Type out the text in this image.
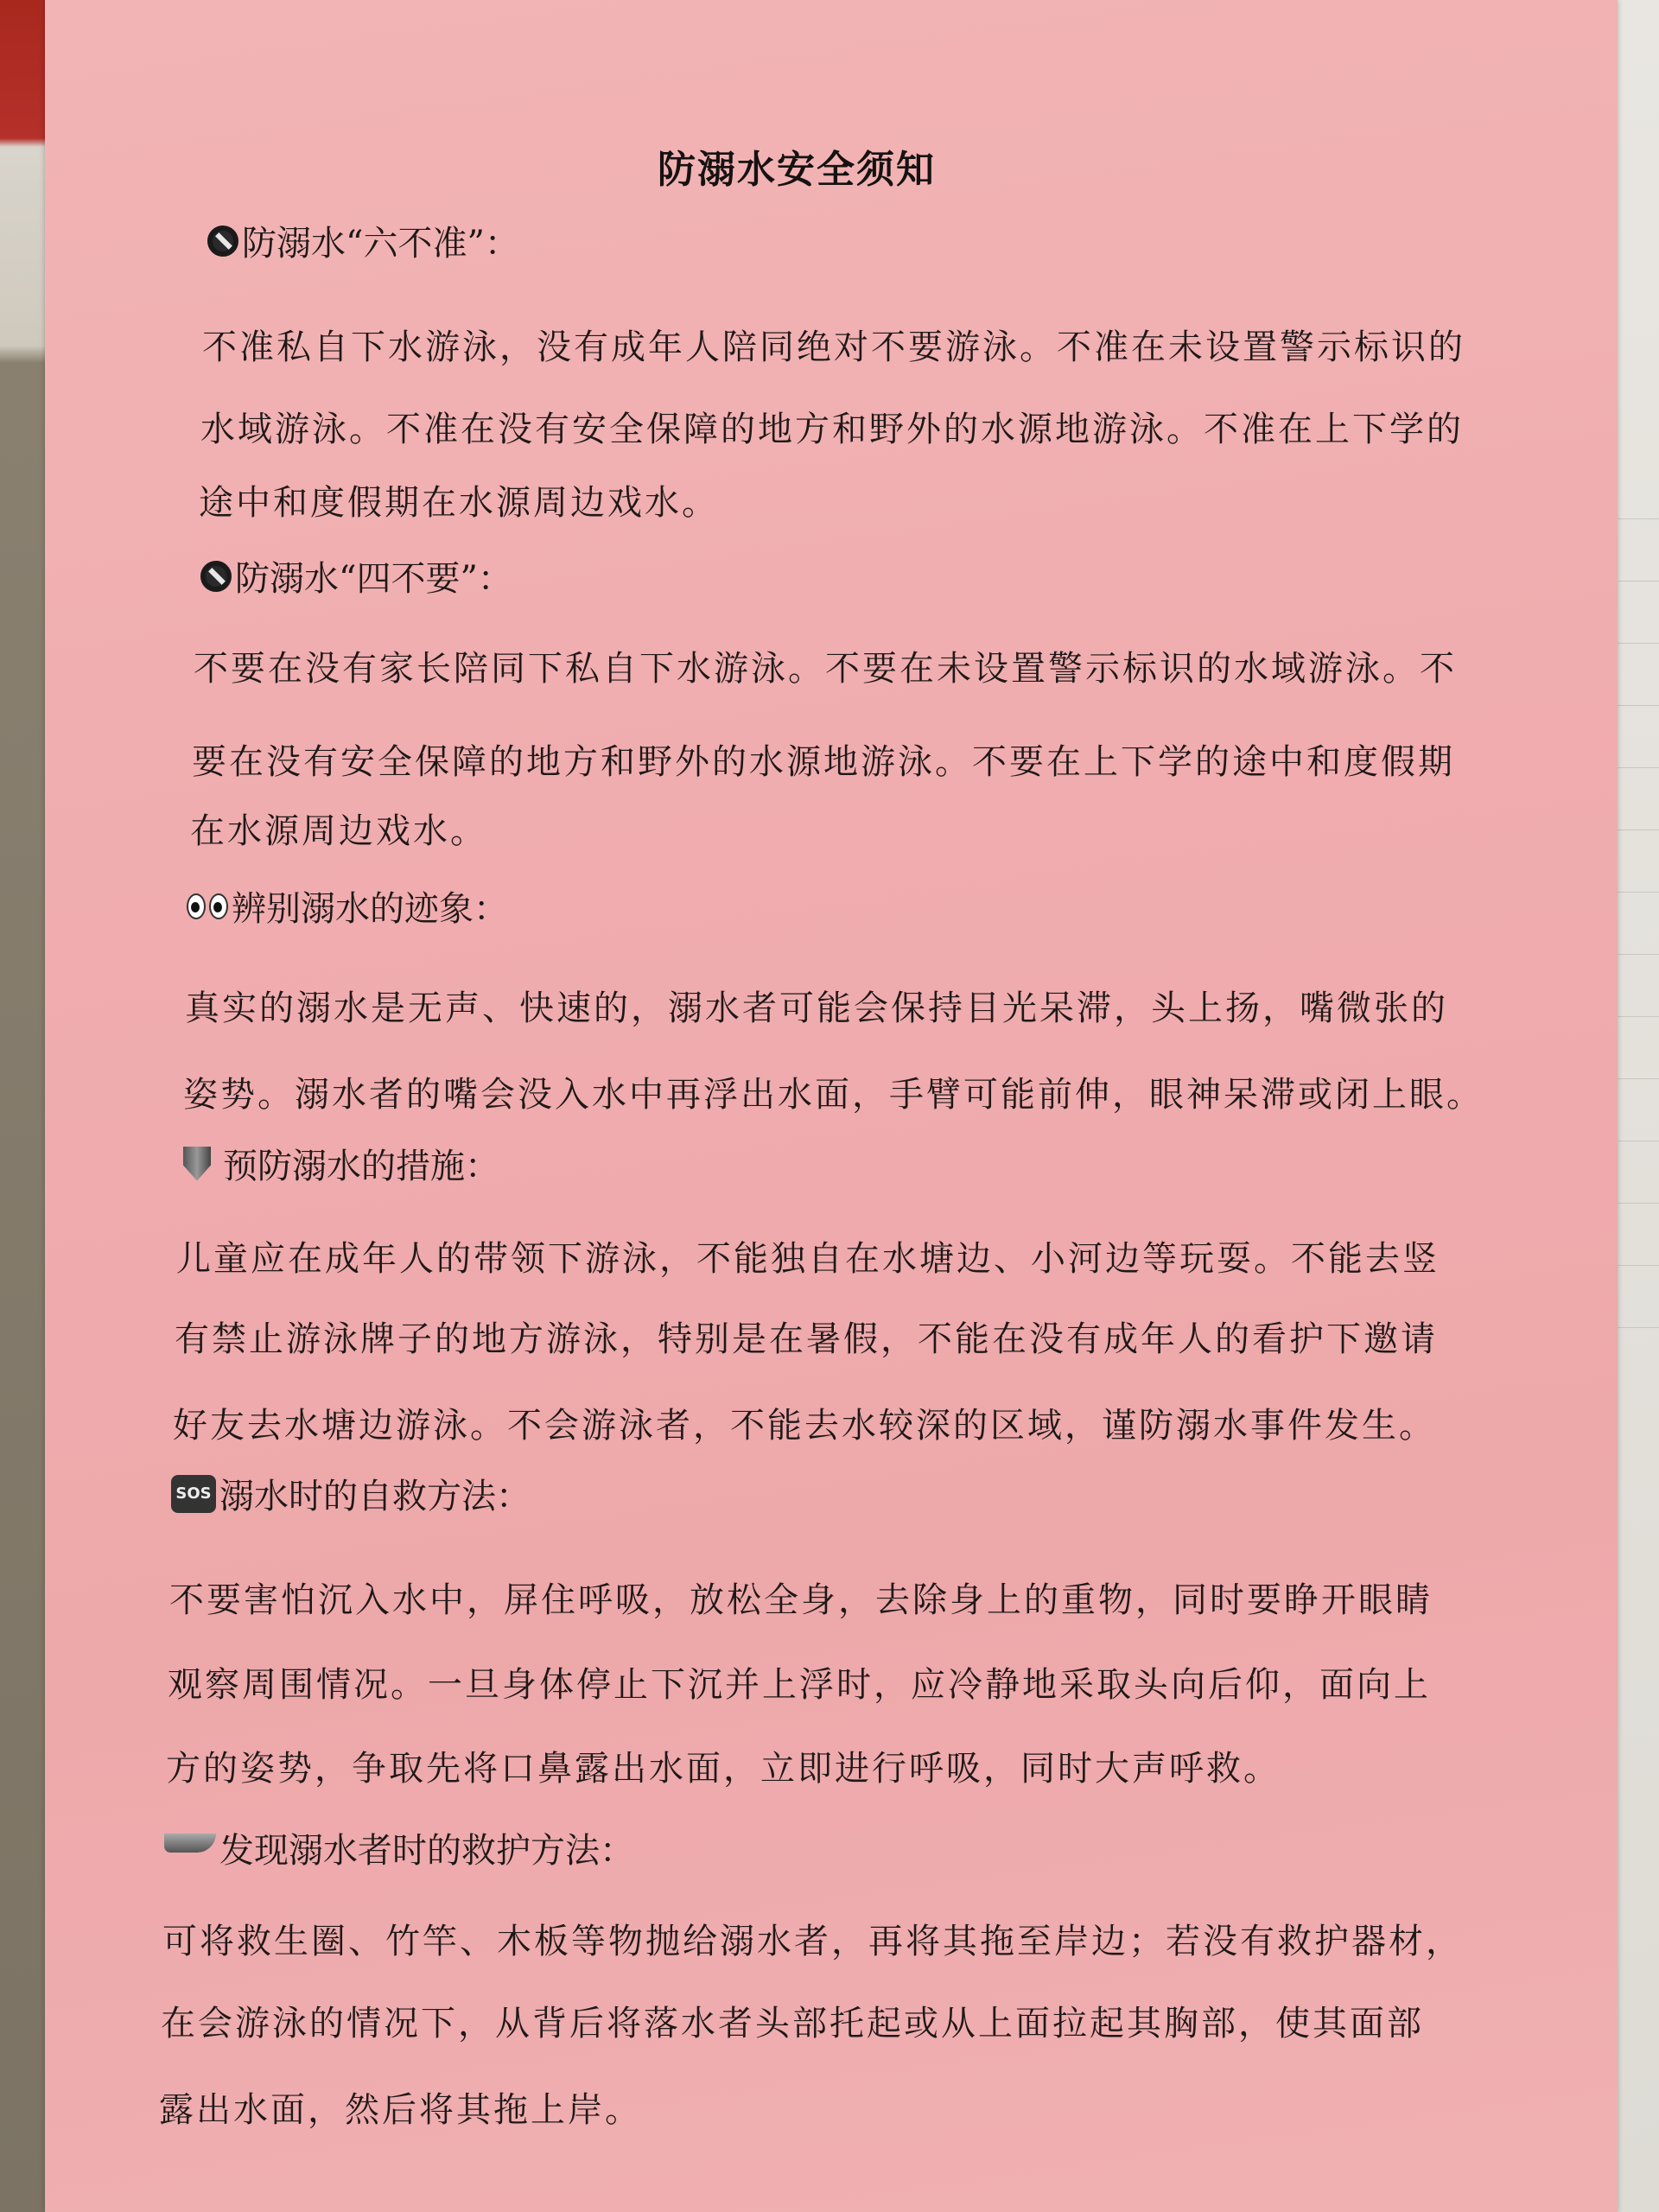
防溺水安全须知
防溺水“六不准”：
不准私自下水游泳，没有成年人陪同绝对不要游泳。不准在未设置警示标识的
水域游泳。不准在没有安全保障的地方和野外的水源地游泳。不准在上下学的
途中和度假期在水源周边戏水。
防溺水“四不要”：
不要在没有家长陪同下私自下水游泳。不要在未设置警示标识的水域游泳。不
要在没有安全保障的地方和野外的水源地游泳。不要在上下学的途中和度假期
在水源周边戏水。
辨别溺水的迹象：
真实的溺水是无声、快速的，溺水者可能会保持目光呆滞，头上扬，嘴微张的
姿势。溺水者的嘴会没入水中再浮出水面，手臂可能前伸，眼神呆滞或闭上眼。
预防溺水的措施：
儿童应在成年人的带领下游泳，不能独自在水塘边、小河边等玩耍。不能去竖
有禁止游泳牌子的地方游泳，特别是在暑假，不能在没有成年人的看护下邀请
好友去水塘边游泳。不会游泳者，不能去水较深的区域，谨防溺水事件发生。
SOS 溺水时的自救方法：
不要害怕沉入水中，屏住呼吸，放松全身，去除身上的重物，同时要睁开眼睛
观察周围情况。一旦身体停止下沉并上浮时，应冷静地采取头向后仰，面向上
方的姿势，争取先将口鼻露出水面，立即进行呼吸，同时大声呼救。
发现溺水者时的救护方法：
可将救生圈、竹竿、木板等物抛给溺水者，再将其拖至岸边；若没有救护器材，
在会游泳的情况下，从背后将落水者头部托起或从上面拉起其胸部，使其面部
露出水面，然后将其拖上岸。
